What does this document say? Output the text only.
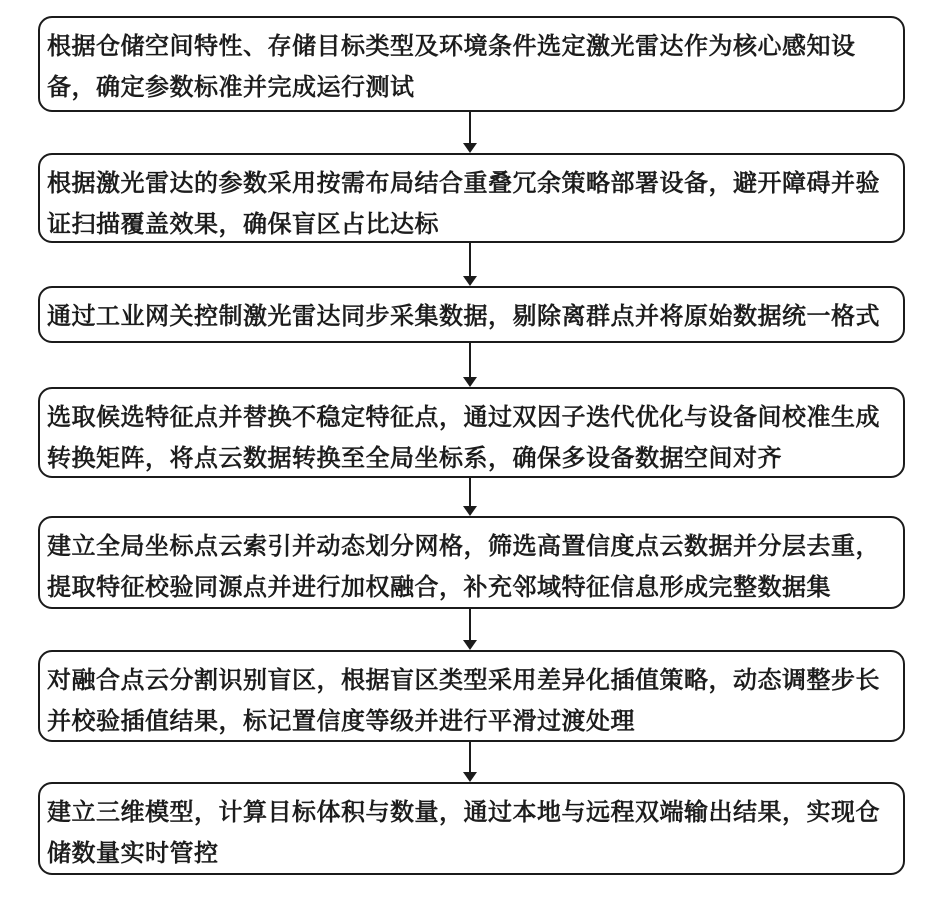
根据仓储空间特性、存储目标类型及环境条件选定激光雷达作为核心感知设
备，确定参数标准并完成运行测试
根据激光雷达的参数采用按需布局结合重叠冗余策略部署设备，避开障碍并验
证扫描覆盖效果，确保盲区占比达标
通过工业网关控制激光雷达同步采集数据，剔除离群点并将原始数据统一格式
选取候选特征点并替换不稳定特征点，通过双因子迭代优化与设备间校准生成
转换矩阵，将点云数据转换至全局坐标系，确保多设备数据空间对齐
建立全局坐标点云索引并动态划分网格，筛选高置信度点云数据并分层去重，
提取特征校验同源点并进行加权融合，补充邻域特征信息形成完整数据集
对融合点云分割识别盲区，根据盲区类型采用差异化插值策略，动态调整步长
并校验插值结果，标记置信度等级并进行平滑过渡处理
建立三维模型，计算目标体积与数量，通过本地与远程双端输出结果，实现仓
储数量实时管控
